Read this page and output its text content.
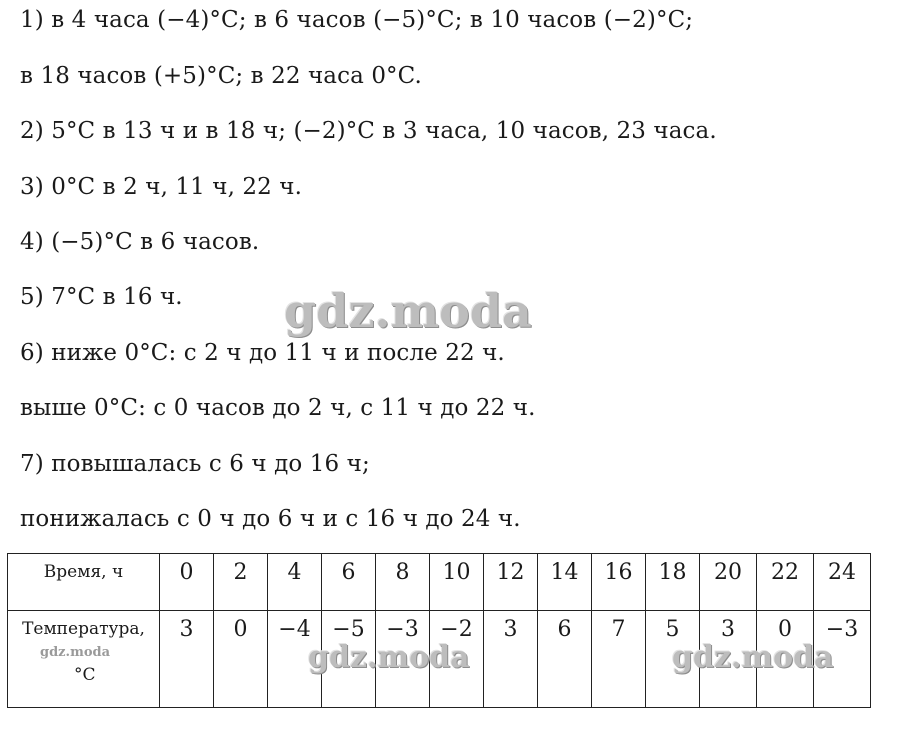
1) в 4 часа (−4)°C; в 6 часов (−5)°C; в 10 часов (−2)°C;
в 18 часов (+5)°C; в 22 часа 0°C.
2) 5°C в 13 ч и в 18 ч; (−2)°C в 3 часа, 10 часов, 23 часа.
3) 0°C в 2 ч, 11 ч, 22 ч.
4) (−5)°C в 6 часов.
5) 7°C в 16 ч.
6) ниже 0°C: с 2 ч до 11 ч и после 22 ч.
выше 0°C: с 0 часов до 2 ч, с 11 ч до 22 ч.
7) повышалась с 6 ч до 16 ч;
понижалась с 0 ч до 6 ч и с 16 ч до 24 ч.
gdz.moda
Время, ч	0	2	4	6	8	10	12	14	16	18	20	22	24
Температура,
°C	3	0	−4	−5	−3	−2	3	6	7	5	3	0	−3
gdz.moda	gdz.moda	gdz.moda
